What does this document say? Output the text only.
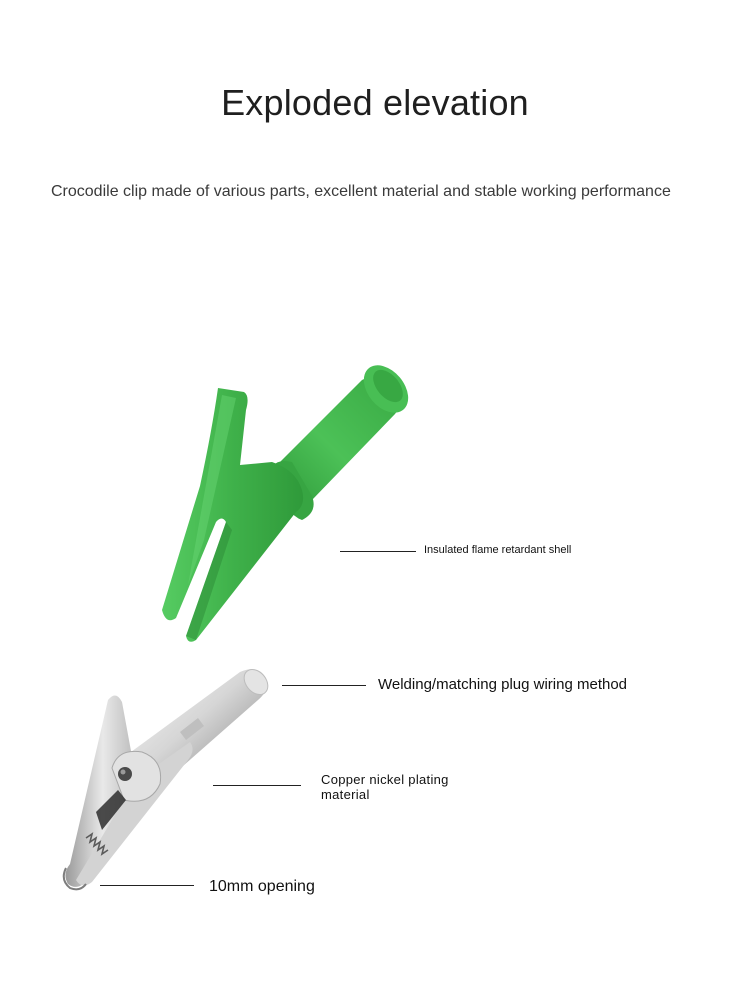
Exploded elevation
Crocodile clip made of various parts, excellent material and stable working performance
Insulated flame retardant shell
Welding/matching plug wiring method
Copper nickel plating material
10mm opening
